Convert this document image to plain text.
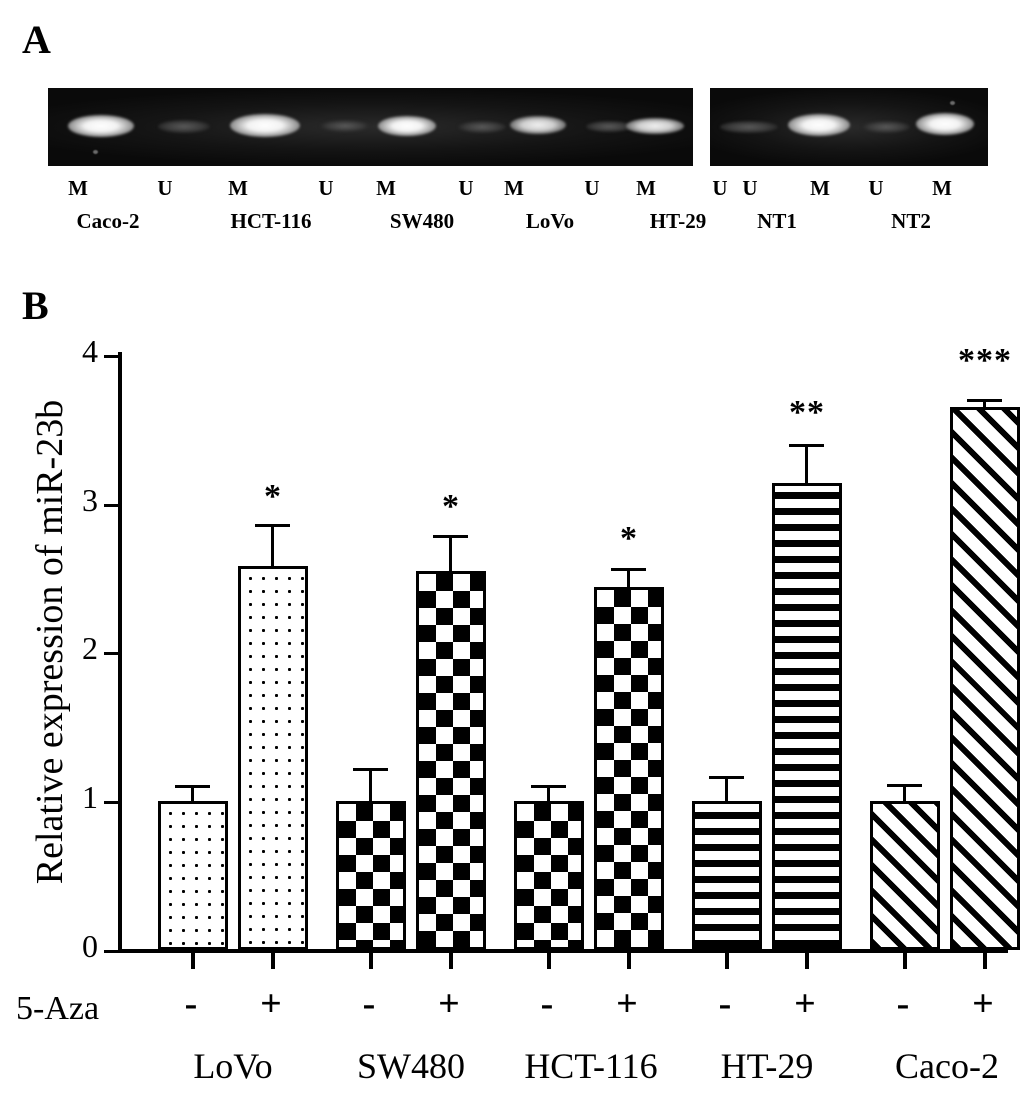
A
M	U	M	U	M	U	M	U	M	U U	M	U	M
Caco-2	HCT-116	SW480	LoVo	HT-29	NT1	NT2
B
Relative expression of miR-23b
0
1
2
3
4
*	*
*
**
***
5-Aza	-	+	-	+	-	+	-	+	-	+
LoVo	SW480	HCT-116	HT-29	Caco-2
